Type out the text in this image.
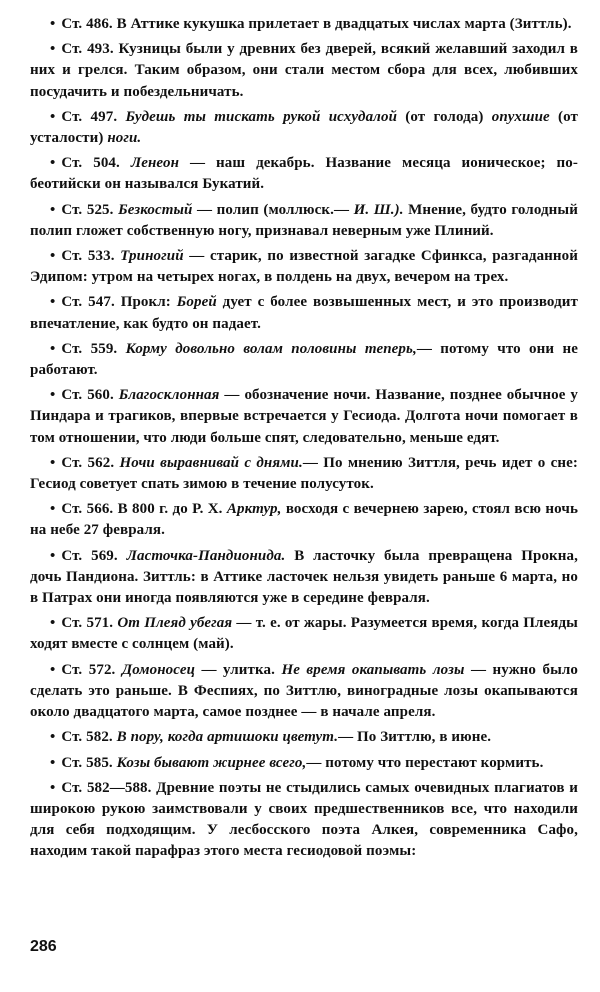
• Ст. 486. В Аттике кукушка прилетает в двадцатых числах марта (Зиттль).

• Ст. 493. Кузницы были у древних без дверей, всякий желавший заходил в них и грелся. Таким образом, они стали местом сбора для всех, любивших посудачить и побездельничать.

• Ст. 497. Будешь ты тискать рукой исхудалой (от голода) опухшие (от усталости) ноги.

• Ст. 504. Ленеон — наш декабрь. Название месяца ионическое; по-беотийски он назывался Букатий.

• Ст. 525. Безкостый — полип (моллюск.— И. Ш.). Мнение, будто голодный полип гложет собственную ногу, признавал неверным уже Плиний.

• Ст. 533. Триногий — старик, по известной загадке Сфинкса, разгаданной Эдипом: утром на четырех ногах, в полдень на двух, вечером на трех.

• Ст. 547. Прокл: Борей дует с более возвышенных мест, и это производит впечатление, как будто он падает.

• Ст. 559. Корму довольно волам половины теперь,— потому что они не работают.

• Ст. 560. Благосклонная — обозначение ночи. Название, позднее обычное у Пиндара и трагиков, впервые встречается у Гесиода. Долгота ночи помогает в том отношении, что люди больше спят, следовательно, меньше едят.

• Ст. 562. Ночи выравнивай с днями.— По мнению Зиттля, речь идет о сне: Гесиод советует спать зимою в течение полусуток.

• Ст. 566. В 800 г. до Р. Х. Арктур, восходя с вечернею зарею, стоял всю ночь на небе 27 февраля.

• Ст. 569. Ласточка-Пандионида. В ласточку была превращена Прокна, дочь Пандиона. Зиттль: в Аттике ласточек нельзя увидеть раньше 6 марта, но в Патрах они иногда появляются уже в середине февраля.

• Ст. 571. От Плеяд убегая — т. е. от жары. Разумеется время, когда Плеяды ходят вместе с солнцем (май).

• Ст. 572. Домоносец — улитка. Не время окапывать лозы — нужно было сделать это раньше. В Феспиях, по Зиттлю, виноградные лозы окапываются около двадцатого марта, самое позднее — в начале апреля.

• Ст. 582. В пору, когда артишоки цветут.— По Зиттлю, в июне.

• Ст. 585. Козы бывают жирнее всего,— потому что перестают кормить.

• Ст. 582—588. Древние поэты не стыдились самых очевидных плагиатов и широкою рукою заимствовали у своих предшественников все, что находили для себя подходящим. У лесбосского поэта Алкея, современника Сафо, находим такой парафраз этого места гесиодовой поэмы:

286
